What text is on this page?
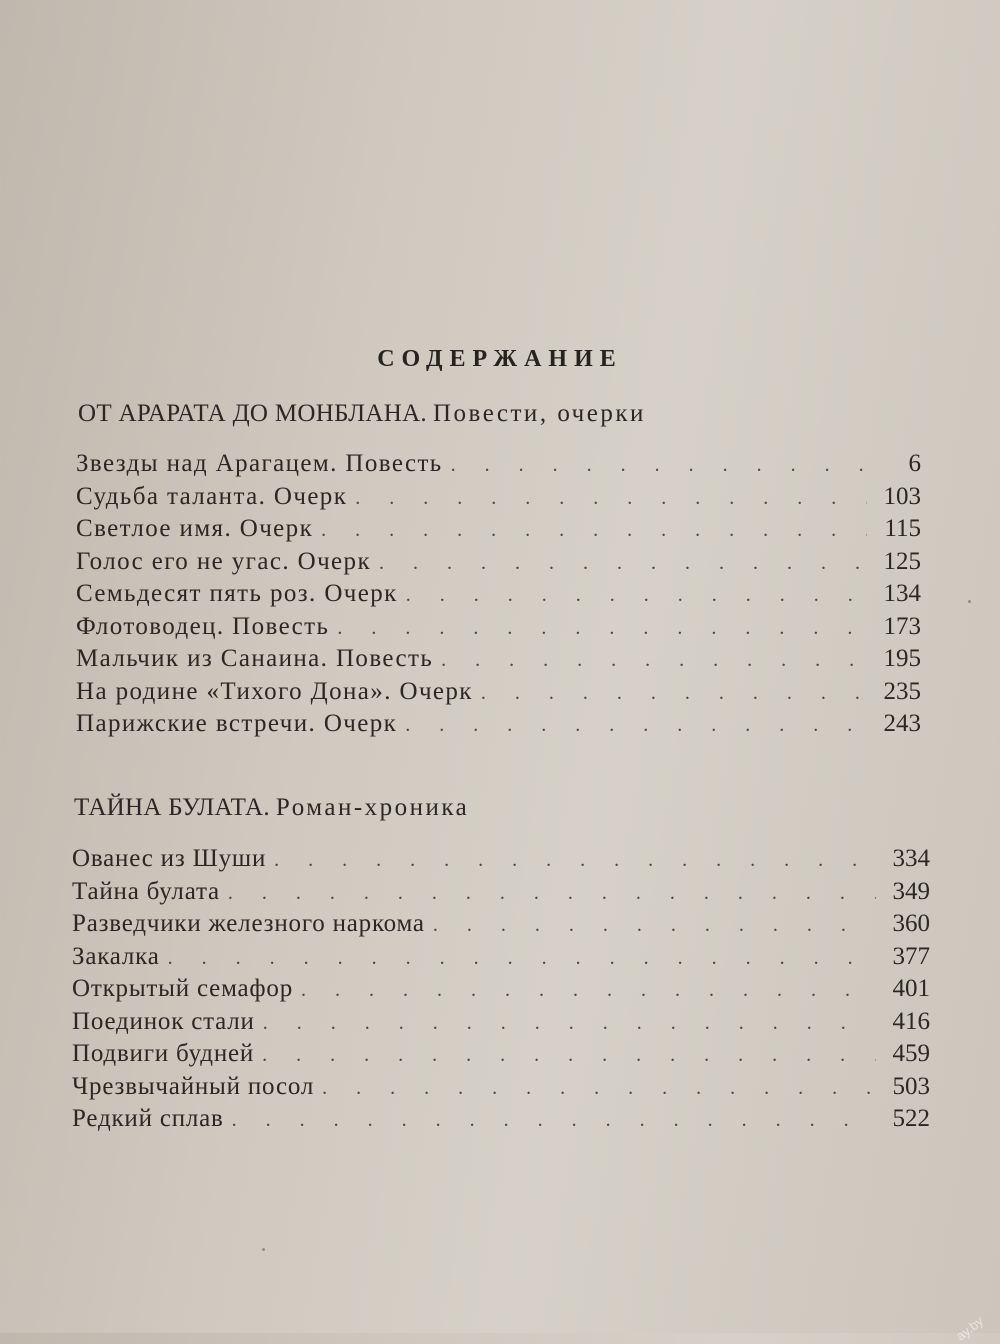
СОДЕРЖАНИЕ
ОТ АРАРАТА ДО МОНБЛАНА. Повести, очерки
Звезды над Арагацем. Повесть . . .	6
Судьба таланта. Очерк . . .	103
Светлое имя. Очерк . . .	115
Голос его не угас. Очерк . . .	125
Семьдесят пять роз. Очерк . . .	134
Флотоводец. Повесть . . .	173
Мальчик из Санаина. Повесть . . .	195
На родине «Тихого Дона». Очерк . . .	235
Парижские встречи. Очерк . . .	243
ТАЙНА БУЛАТА. Роман-хроника
Ованес из Шуши . . .	334
Тайна булата . . .	349
Разведчики железного наркома . . .	360
Закалка . . .	377
Открытый семафор . . .	401
Поединок стали . . .	416
Подвиги будней . . .	459
Чрезвычайный посол . . .	503
Редкий сплав . . .	522
ay.by
